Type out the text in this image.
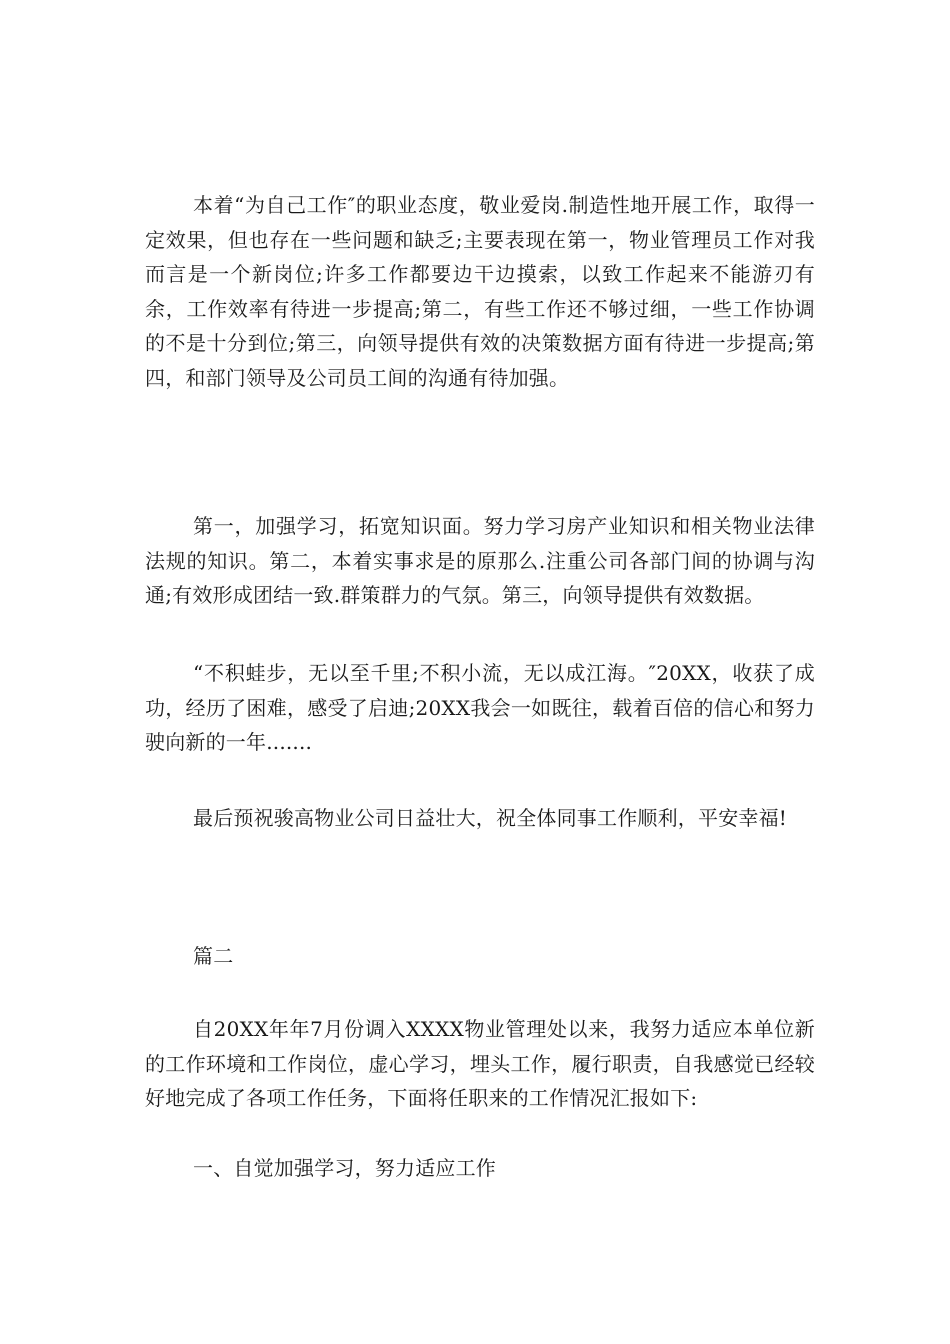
本着“为自己工作″的职业态度，敬业爱岗.制造性地开展工作，取得一定效果，但也存在一些问题和缺乏;主要表现在第一，物业管理员工作对我而言是一个新岗位;许多工作都要边干边摸索，以致工作起来不能游刃有余，工作效率有待进一步提高;第二，有些工作还不够过细，一些工作协调的不是十分到位;第三，向领导提供有效的决策数据方面有待进一步提高;第四，和部门领导及公司员工间的沟通有待加强。

第一，加强学习，拓宽知识面。努力学习房产业知识和相关物业法律法规的知识。第二，本着实事求是的原那么.注重公司各部门间的协调与沟通;有效形成团结一致.群策群力的气氛。第三，向领导提供有效数据。

“不积蛙步，无以至千里;不积小流，无以成江海。″20XX，收获了成功，经历了困难，感受了启迪;20XX我会一如既往，载着百倍的信心和努力驶向新的一年.......

最后预祝骏高物业公司日益壮大，祝全体同事工作顺利，平安幸福!

篇二

自20XX年年7月份调入XXXX物业管理处以来，我努力适应本单位新的工作环境和工作岗位，虚心学习，埋头工作，履行职责，自我感觉已经较好地完成了各项工作任务，下面将任职来的工作情况汇报如下:

一、自觉加强学习，努力适应工作
